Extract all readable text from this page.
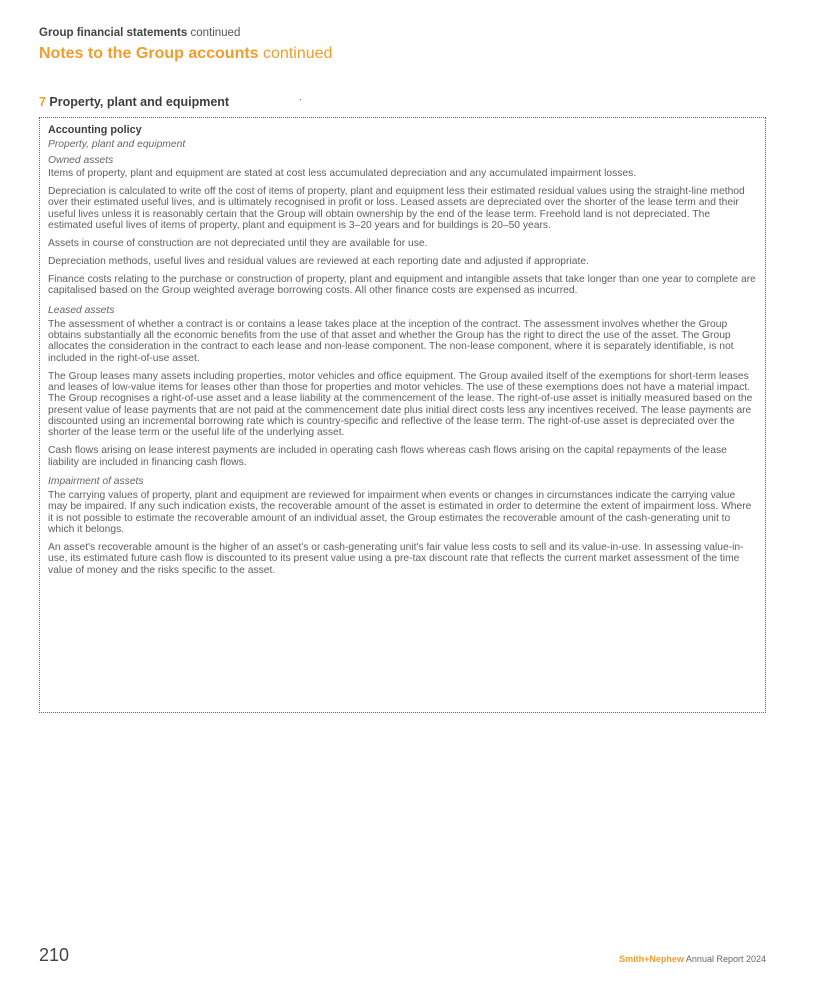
Group financial statements continued
Notes to the Group accounts continued
7 Property, plant and equipment

Accounting policy

Property, plant and equipment

Owned assets

Items of property, plant and equipment are stated at cost less accumulated depreciation and any accumulated impairment losses.

Depreciation is calculated to write off the cost of items of property, plant and equipment less their estimated residual values using the straight-line method over their estimated useful lives, and is ultimately recognised in profit or loss. Leased assets are depreciated over the shorter of the lease term and their useful lives unless it is reasonably certain that the Group will obtain ownership by the end of the lease term. Freehold land is not depreciated. The estimated useful lives of items of property, plant and equipment is 3–20 years and for buildings is 20–50 years.

Assets in course of construction are not depreciated until they are available for use.

Depreciation methods, useful lives and residual values are reviewed at each reporting date and adjusted if appropriate.

Finance costs relating to the purchase or construction of property, plant and equipment and intangible assets that take longer than one year to complete are capitalised based on the Group weighted average borrowing costs. All other finance costs are expensed as incurred.

Leased assets

The assessment of whether a contract is or contains a lease takes place at the inception of the contract. The assessment involves whether the Group obtains substantially all the economic benefits from the use of that asset and whether the Group has the right to direct the use of the asset. The Group allocates the consideration in the contract to each lease and non-lease component. The non-lease component, where it is separately identifiable, is not included in the right-of-use asset.

The Group leases many assets including properties, motor vehicles and office equipment. The Group availed itself of the exemptions for short-term leases and leases of low-value items for leases other than those for properties and motor vehicles. The use of these exemptions does not have a material impact. The Group recognises a right-of-use asset and a lease liability at the commencement of the lease. The right-of-use asset is initially measured based on the present value of lease payments that are not paid at the commencement date plus initial direct costs less any incentives received. The lease payments are discounted using an incremental borrowing rate which is country-specific and reflective of the lease term. The right-of-use asset is depreciated over the shorter of the lease term or the useful life of the underlying asset.

Cash flows arising on lease interest payments are included in operating cash flows whereas cash flows arising on the capital repayments of the lease liability are included in financing cash flows.

Impairment of assets

The carrying values of property, plant and equipment are reviewed for impairment when events or changes in circumstances indicate the carrying value may be impaired. If any such indication exists, the recoverable amount of the asset is estimated in order to determine the extent of impairment loss. Where it is not possible to estimate the recoverable amount of an individual asset, the Group estimates the recoverable amount of the cash-generating unit to which it belongs.

An asset's recoverable amount is the higher of an asset's or cash-generating unit's fair value less costs to sell and its value-in-use. In assessing value-in-use, its estimated future cash flow is discounted to its present value using a pre-tax discount rate that reflects the current market assessment of the time value of money and the risks specific to the asset.

210	Smith+Nephew Annual Report 2024
